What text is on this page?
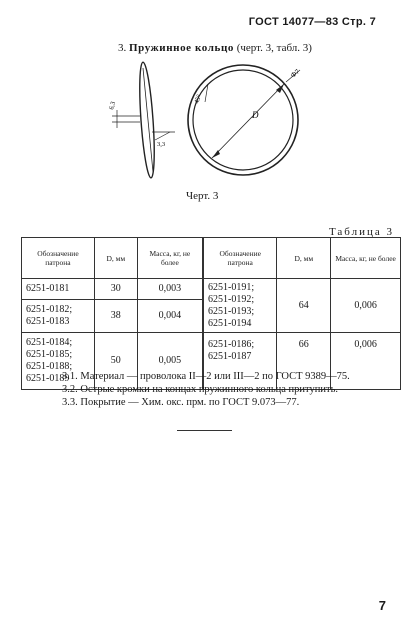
ГОСТ 14077—83 Стр. 7
3. Пружинное кольцо (черт. 3, табл. 3)
6,3
3,3
D
Ф7
45°
Черт. 3
Таблица 3
Обозначение патрона	D, мм	Масса, кг, не более	Обозначение патрона	D, мм	Масса, кг, не более
6251-0181	30	0,003	6251-0191; 6251-0192; 6251-0193; 6251-0194	64	0,006
6251-0182; 6251-0183	38	0,004			
6251-0184; 6251-0185; 6251-0188; 6251-0189	50	0,005	6251-0186; 6251-0187	66	0,006
3.1. Материал — проволока II—2 или III—2 по ГОСТ 9389—75.
3.2. Острые кромки на концах пружинного кольца притупить.
3.3. Покрытие — Хим. окс. прм. по ГОСТ 9.073—77.
7
